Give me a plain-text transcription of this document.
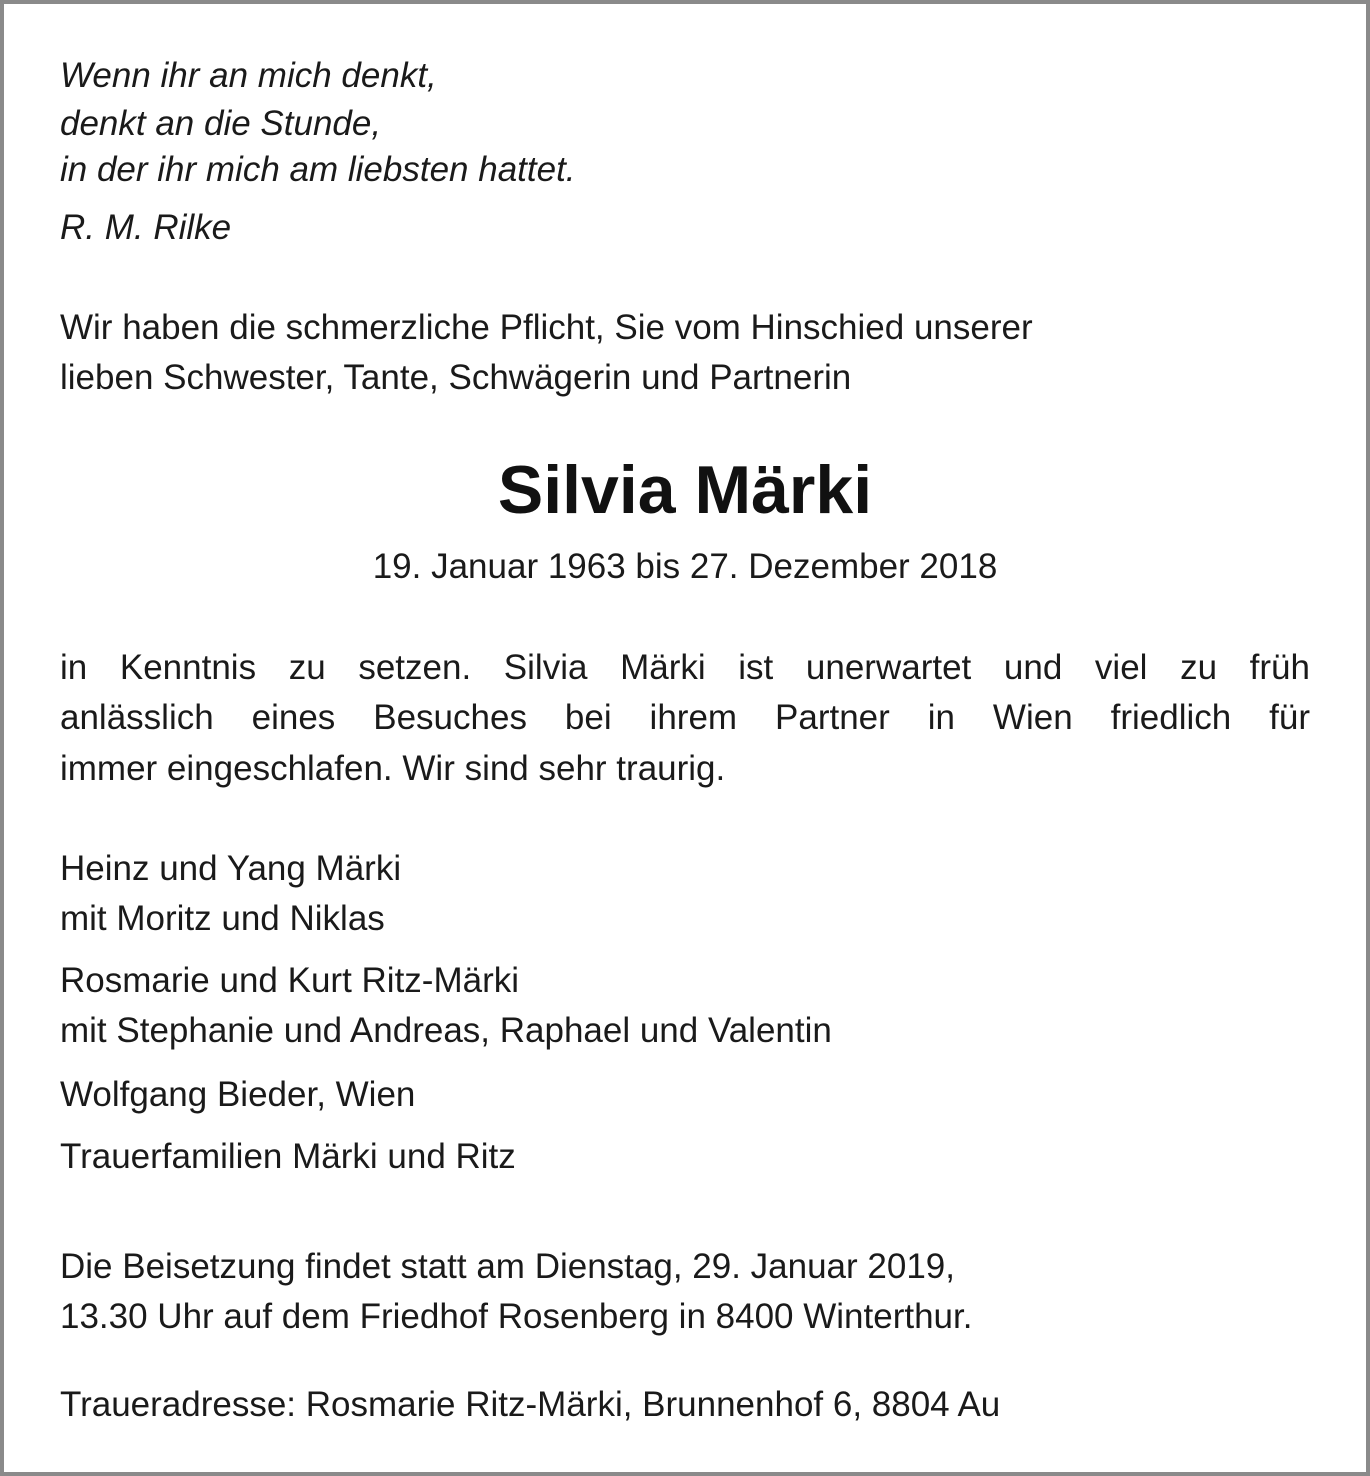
Wenn ihr an mich denkt,
denkt an die Stunde,
in der ihr mich am liebsten hattet.
R. M. Rilke
Wir haben die schmerzliche Pflicht, Sie vom Hinschied unserer
lieben Schwester, Tante, Schwägerin und Partnerin
Silvia Märki
19. Januar 1963 bis 27. Dezember 2018
in Kenntnis zu setzen. Silvia Märki ist unerwartet und viel zu früh
anlässlich eines Besuches bei ihrem Partner in Wien friedlich für
immer eingeschlafen. Wir sind sehr traurig.
Heinz und Yang Märki
mit Moritz und Niklas
Rosmarie und Kurt Ritz-Märki
mit Stephanie und Andreas, Raphael und Valentin
Wolfgang Bieder, Wien
Trauerfamilien Märki und Ritz
Die Beisetzung findet statt am Dienstag, 29. Januar 2019,
13.30 Uhr auf dem Friedhof Rosenberg in 8400 Winterthur.
Traueradresse: Rosmarie Ritz-Märki, Brunnenhof 6, 8804 Au
